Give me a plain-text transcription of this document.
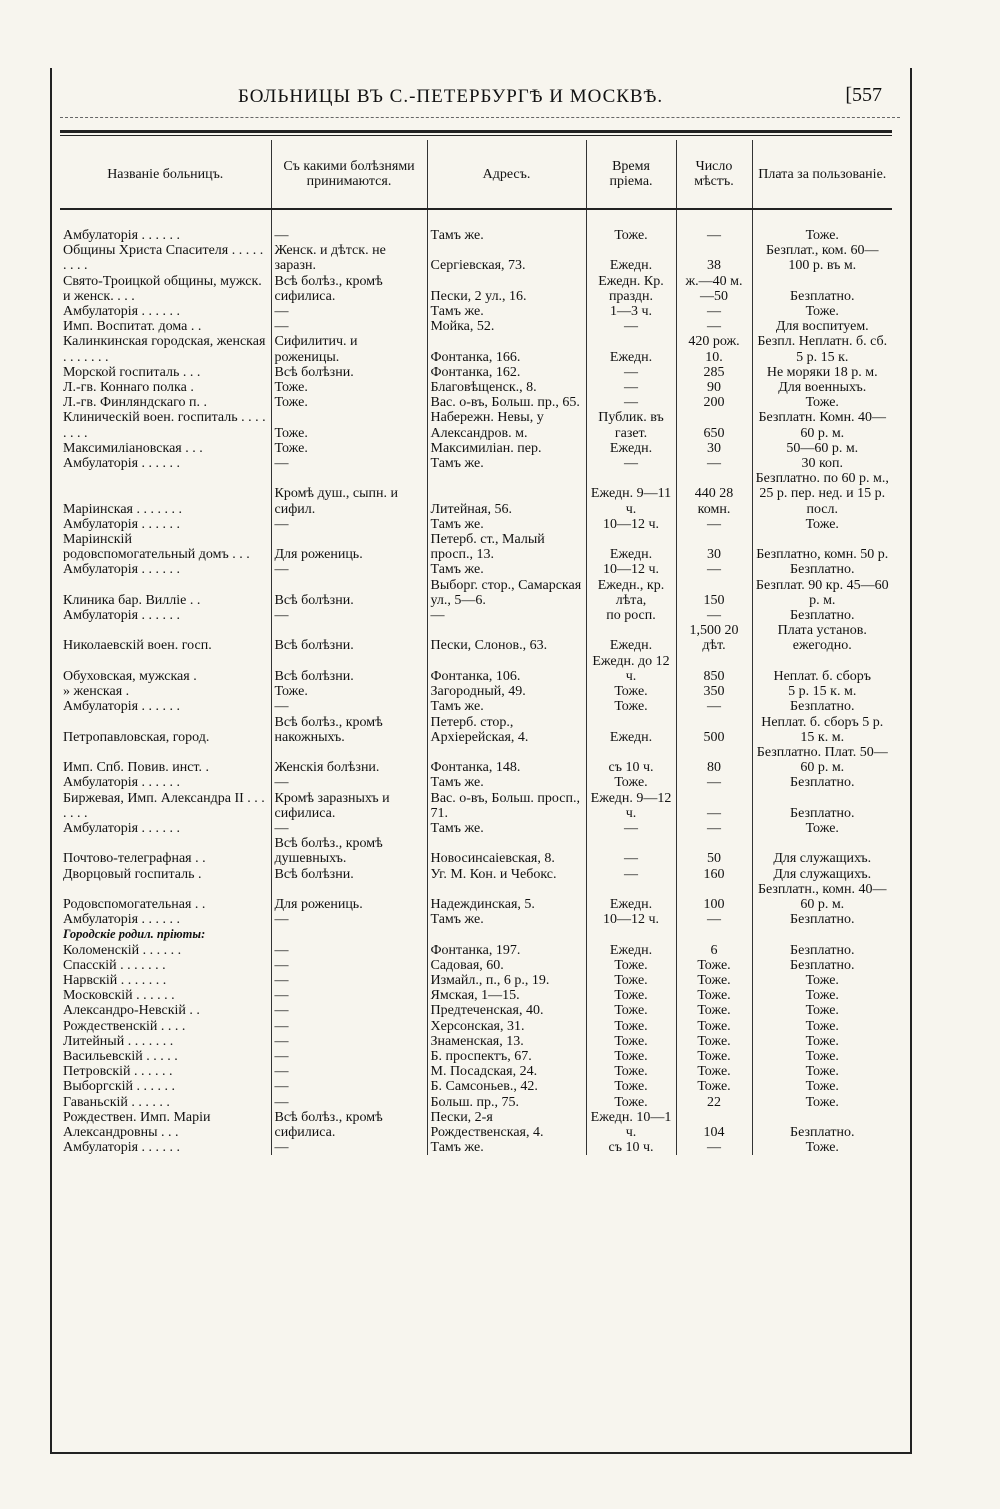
БОЛЬНИЦЫ ВЪ С.-ПЕТЕРБУРГѢ И МОСКВѢ.	[557
Названіе больницъ.	Съ какими болѣзнями принимаются.	Адресъ.	Время пріема.	Число мѣстъ.	Плата за пользованіе.

Амбулаторія . . . . . .	—	Тамъ же.	Тоже.	—	Тоже.
Общины Христа Спасителя . . . . . . . . .	Женск. и дѣтск. не заразн.	Сергіевская, 73.	Ежедн.	38	Безплат., ком. 60—100 р. въ м.
Свято-Троицкой общины, мужск. и женск. . . .	Всѣ болѣз., кромѣ сифилиса.	Пески, 2 ул., 16.	Ежедн. Кр. праздн.	ж.—40 м.—50	Безплатно.
Амбулаторія . . . . . .	—	Тамъ же.	1—3 ч.	—	Тоже.
Имп. Воспитат. дома . .	—	Мойка, 52.	—	—	Для воспитуем.
Калинкинская городская, женская . . . . . . .	Сифилитич. и роженицы.	Фонтанка, 166.	Ежедн.	420 рож. 10.	Безпл. Неплатн. б. сб. 5 р. 15 к.
Морской госпиталь . . .	Всѣ болѣзни.	Фонтанка, 162.	—	285	Не моряки 18 р. м.
Л.-гв. Коннаго полка .	Тоже.	Благовѣщенск., 8.	—	90	Для военныхъ.
Л.-гв. Финляндскаго п. .	Тоже.	Вас. о-въ, Больш. пр., 65.	—	200	Тоже.
Клиническій воен. госпиталь . . . . . . . .	Тоже.	Набережн. Невы, у Александров. м.	Публик. въ газет.	650	Безплатн. Комн. 40—60 р. м.
Максимиліановская . . .	Тоже.	Максимиліан. пер.	Ежедн.	30	50—60 р. м.
Амбулаторія . . . . . .	—	Тамъ же.	—	—	30 коп.
Маріинская . . . . . . .	Кромѣ душ., сыпн. и сифил.	Литейная, 56.	Ежедн. 9—11 ч.	440 28 комн.	Безплатно. по 60 р. м., 25 р. пер. нед. и 15 р. посл.
Амбулаторія . . . . . .	—	Тамъ же.	10—12 ч.	—	Тоже.
Маріинскій родовспомогательный домъ . . .	Для рожениць.	Петерб. ст., Малый просп., 13.	Ежедн.	30	Безплатно, комн. 50 р.
Амбулаторія . . . . . .	—	Тамъ же.	10—12 ч.	—	Безплатно.
Клиника бар. Вилліе . .	Всѣ болѣзни.	Выборг. стор., Самарская ул., 5—6.	Ежедн., кр. лѣта,	150	Безплат. 90 кр. 45—60 р. м.
Амбулаторія . . . . . .	—	—	по росп.	—	Безплатно.
Николаевскій воен. госп.	Всѣ болѣзни.	Пески, Слонов., 63.	Ежедн.	1,500 20 дѣт.	Плата установ. ежегодно.
Обуховская, мужская .	Всѣ болѣзни.	Фонтанка, 106.	Ежедн. до 12 ч.	850	Неплат. б. сборъ
» женская .	Тоже.	Загородный, 49.	Тоже.	350	5 р. 15 к. м.
Амбулаторія . . . . . .	—	Тамъ же.	Тоже.	—	Безплатно.
Петропавловская, город.	Всѣ болѣз., кромѣ накожныхъ.	Петерб. стор., Архіерейская, 4.	Ежедн.	500	Неплат. б. сборъ 5 р. 15 к. м.
Имп. Спб. Повив. инст. .	Женскія болѣзни.	Фонтанка, 148.	съ 10 ч.	80	Безплатно. Плат. 50—60 р. м.
Амбулаторія . . . . . .	—	Тамъ же.	Тоже.	—	Безплатно.
Биржевая, Имп. Александра II . . . . . . .	Кромѣ заразныхъ и сифилиса.	Вас. о-въ, Больш. просп., 71.	Ежедн. 9—12 ч.	—	Безплатно.
Амбулаторія . . . . . .	—	Тамъ же.	—	—	Тоже.
Почтово-телеграфная . .	Всѣ болѣз., кромѣ душевныхъ.	Новосинсаіевская, 8.	—	50	Для служащихъ.
Дворцовый госпиталь .	Всѣ болѣзни.	Уг. М. Кон. и Чебокс.	—	160	Для служащихъ.
Родовспомогательная . .	Для рожениць.	Надеждинская, 5.	Ежедн.	100	Безплатн., комн. 40—60 р. м.
Амбулаторія . . . . . .	—	Тамъ же.	10—12 ч.	—	Безплатно.
Городскіе родил. пріюты:					
Коломенскій . . . . . .	—	Фонтанка, 197.	Ежедн.	6	Безплатно.
Спасскій . . . . . . .	—	Садовая, 60.	Тоже.	Тоже.	Безплатно.
Нарвскій . . . . . . .	—	Измайл., п., 6 р., 19.	Тоже.	Тоже.	Тоже.
Московскій . . . . . .	—	Ямская, 1—15.	Тоже.	Тоже.	Тоже.
Александро-Невскій . .	—	Предтеченская, 40.	Тоже.	Тоже.	Тоже.
Рождественскій . . . .	—	Херсонская, 31.	Тоже.	Тоже.	Тоже.
Литейный . . . . . . .	—	Знаменская, 13.	Тоже.	Тоже.	Тоже.
Васильевскій . . . . .	—	Б. проспектъ, 67.	Тоже.	Тоже.	Тоже.
Петровскій . . . . . .	—	М. Посадская, 24.	Тоже.	Тоже.	Тоже.
Выборгскій . . . . . .	—	Б. Самсоньев., 42.	Тоже.	Тоже.	Тоже.
Гаваньскій . . . . . .	—	Больш. пр., 75.	Тоже.	22	Тоже.
Рождествен. Имп. Маріи Александровны . . .	Всѣ болѣз., кромѣ сифилиса.	Пески, 2-я Рождественская, 4.	Ежедн. 10—1 ч.	104	Безплатно.
Амбулаторія . . . . . .	—	Тамъ же.	съ 10 ч.	—	Тоже.
